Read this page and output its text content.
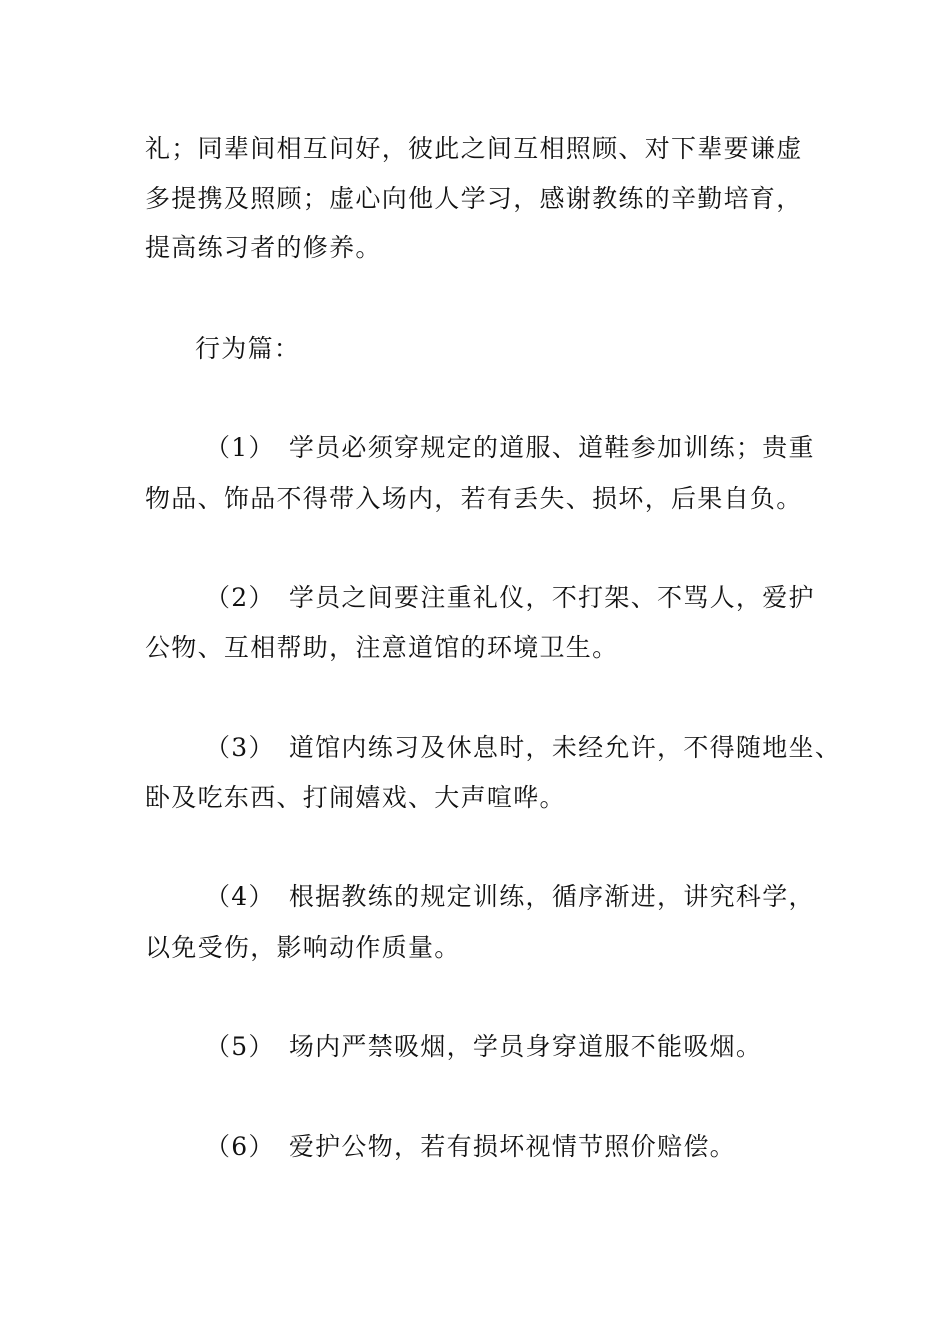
礼；同辈间相互问好，彼此之间互相照顾、对下辈要谦虚
多提携及照顾；虚心向他人学习，感谢教练的辛勤培育，
提高练习者的修养。
行为篇：
（1） 学员必须穿规定的道服、道鞋参加训练；贵重
物品、饰品不得带入场内，若有丢失、损坏，后果自负。
（2） 学员之间要注重礼仪，不打架、不骂人，爱护
公物、互相帮助，注意道馆的环境卫生。
（3） 道馆内练习及休息时，未经允许，不得随地坐、
卧及吃东西、打闹嬉戏、大声喧哗。
（4） 根据教练的规定训练，循序渐进，讲究科学，
以免受伤，影响动作质量。
（5） 场内严禁吸烟，学员身穿道服不能吸烟。
（6） 爱护公物，若有损坏视情节照价赔偿。
